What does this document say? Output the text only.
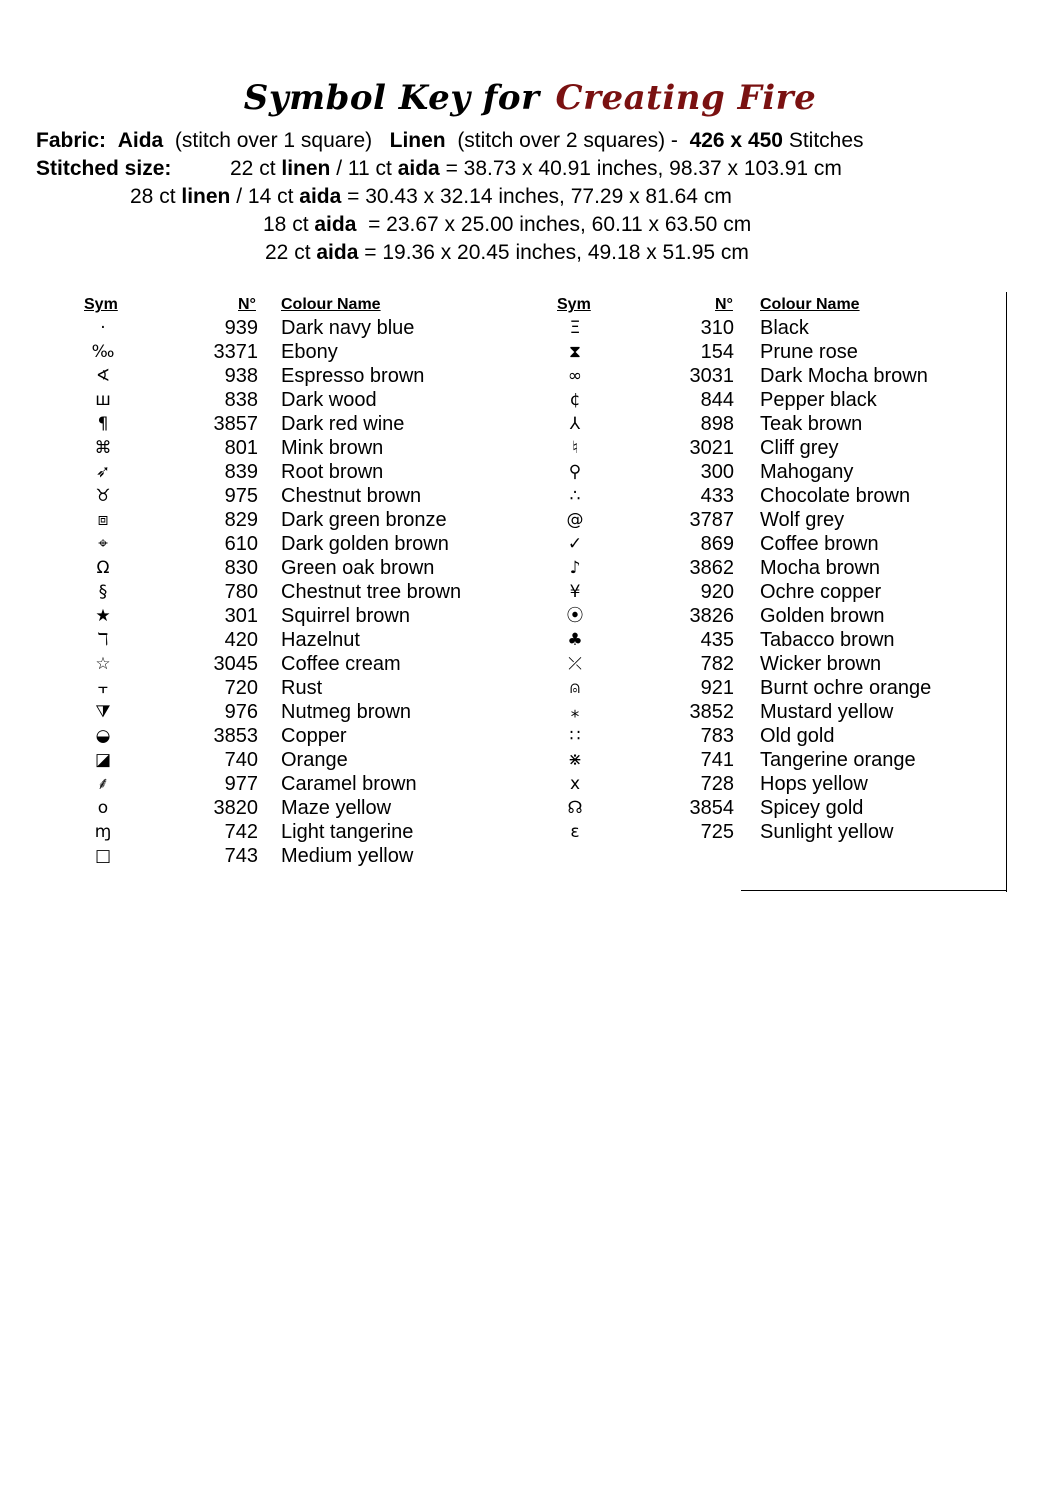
Symbol Key for Creating Fire
Fabric: Aida (stitch over 1 square) Linen (stitch over 2 squares) - 426 x 450 Stitches
Stitched size:	22 ct linen / 11 ct aida = 38.73 x 40.91 inches, 98.37 x 103.91 cm
28 ct linen / 14 ct aida = 30.43 x 32.14 inches, 77.29 x 81.64 cm
18 ct aida  = 23.67 x 25.00 inches, 60.11 x 63.50 cm
22 ct aida = 19.36 x 20.45 inches, 49.18 x 51.95 cm
Sym	N° Colour Name	Sym	N° Colour Name
·	939 Dark navy blue
‰	3371 Ebony
∢	938 Espresso brown
ш	838 Dark wood
¶	3857 Dark red wine
⌘	801 Mink brown
➶	839 Root brown
♉	975 Chestnut brown
⧈	829 Dark green bronze
⌖	610 Dark golden brown
Ω	830 Green oak brown
§	780 Chestnut tree brown
★	301 Squirrel brown
ℸ	420 Hazelnut
☆	3045 Coffee cream
⫟	720 Rust
⧩	976 Nutmeg brown
◒	3853 Copper
◪	740 Orange
⸙	977 Caramel brown
o	3820 Maze yellow
ɱ	742 Light tangerine
□	743 Medium yellow
Ξ	310 Black
⧗	154 Prune rose
∞	3031 Dark Mocha brown
¢	844 Pepper black
⅄	898 Teak brown
♮	3021 Cliff grey
⚲	300 Mahogany
∴	433 Chocolate brown
@	3787 Wolf grey
✓	869 Coffee brown
♪	3862 Mocha brown
¥	920 Ochre copper
⦿	3826 Golden brown
♣	435 Tabacco brown
⤫	782 Wicker brown
⍝	921 Burnt ochre orange
⁎	3852 Mustard yellow
∷	783 Old gold
⋇	741 Tangerine orange
x	728 Hops yellow
☊	3854 Spicey gold
ɛ	725 Sunlight yellow
